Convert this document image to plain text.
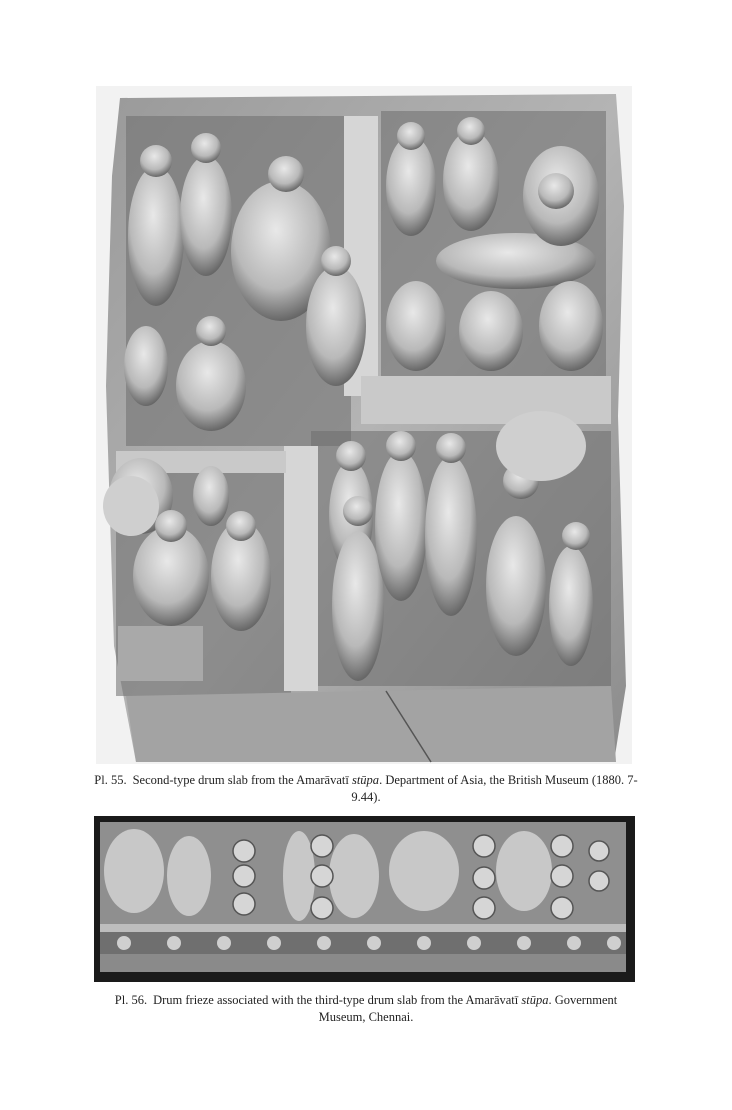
Pl. 55. Second-type drum slab from the Amarāvatī stūpa. Department of Asia, the British Museum (1880. 7-9.44).
Pl. 56. Drum frieze associated with the third-type drum slab from the Amarāvatī stūpa. Government Museum, Chennai.
